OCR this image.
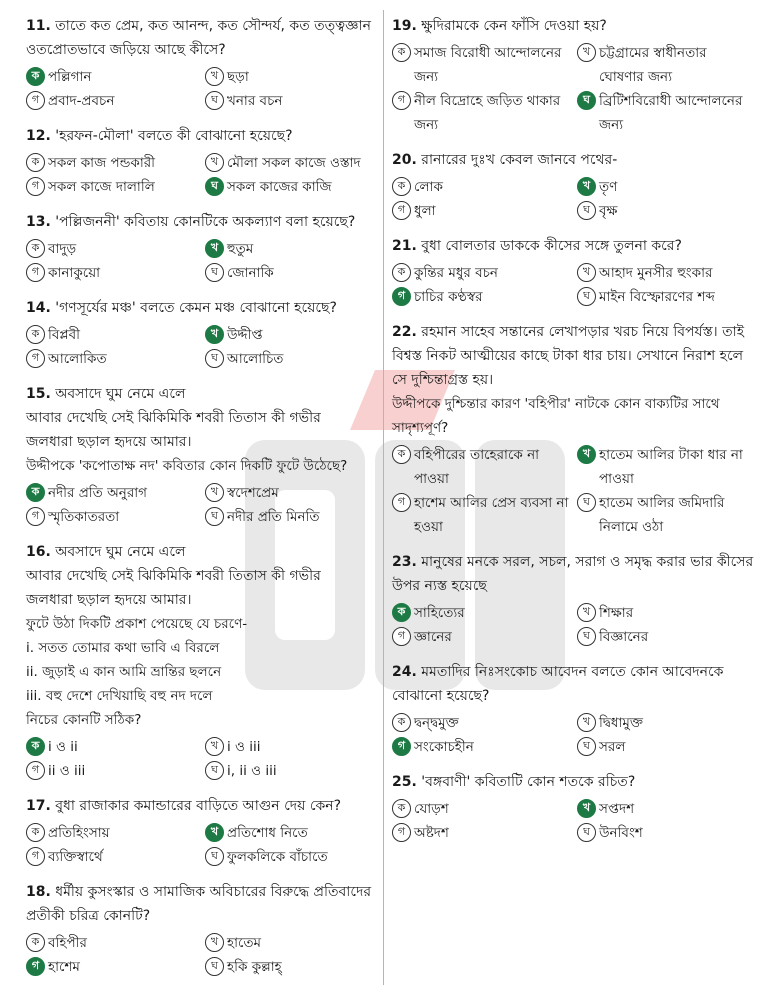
11. তাতে কত প্রেম, কত আনন্দ, কত সৌন্দর্য, কত তত্ত্বজ্ঞান ওতপ্রোতভাবে জড়িয়ে আছে কীসে?
ক পল্লিগান	খ ছড়া
গ প্রবাদ-প্রবচন	ঘ খনার বচন
12. 'হরফন-মৌলা' বলতে কী বোঝানো হয়েছে?
ক সকল কাজ পন্ডকারী	খ মৌলা সকল কাজে ওস্তাদ
গ সকল কাজে দালালি	ঘ সকল কাজের কাজি
13. 'পল্লিজননী' কবিতায় কোনটিকে অকল্যাণ বলা হয়েছে?
ক বাদুড়	খ হুতুম
গ কানাকুয়ো	ঘ জোনাকি
14. 'গণসূর্যের মঞ্চ' বলতে কেমন মঞ্চ বোঝানো হয়েছে?
ক বিপ্লবী	খ উদ্দীপ্ত
গ আলোকিত	ঘ আলোচিত
15. অবসাদে ঘুম নেমে এলে
আবার দেখেছি সেই ঝিকিমিকি শবরী তিতাস কী গভীর
জলধারা ছড়াল হৃদয়ে আমার।
উদ্দীপকে 'কপোতাক্ষ নদ' কবিতার কোন দিকটি ফুটে উঠেছে?
ক নদীর প্রতি অনুরাগ	খ স্বদেশপ্রেম
গ স্মৃতিকাতরতা	ঘ নদীর প্রতি মিনতি
16. অবসাদে ঘুম নেমে এলে
আবার দেখেছি সেই ঝিকিমিকি শবরী তিতাস কী গভীর
জলধারা ছড়াল হৃদয়ে আমার।
ফুটে উঠা দিকটি প্রকাশ পেয়েছে যে চরণে-
i. সতত তোমার কথা ভাবি এ বিরলে
ii. জুড়াই এ কান আমি ভ্রান্তির ছলনে
iii. বহু দেশে দেখিয়াছি বহু নদ দলে
নিচের কোনটি সঠিক?
ক i ও ii	খ i ও iii
গ ii ও iii	ঘ i, ii ও iii
17. বুধা রাজাকার কমান্ডারের বাড়িতে আগুন দেয় কেন?
ক প্রতিহিংসায়	খ প্রতিশোধ নিতে
গ ব্যক্তিস্বার্থে	ঘ ফুলকলিকে বাঁচাতে
18. ধর্মীয় কুসংস্কার ও সামাজিক অবিচারের বিরুদ্ধে প্রতিবাদের প্রতীকী চরিত্র কোনটি?
ক বহিপীর	খ হাতেম
গ হাশেম	ঘ হকি কুল্লাহ্‌
19. ক্ষুদিরামকে কেন ফাঁসি দেওয়া হয়?
ক সমাজ বিরোধী আন্দোলনের জন্য
খ চট্টগ্রামের স্বাধীনতার ঘোষণার জন্য
গ নীল বিদ্রোহে জড়িত থাকার জন্য
ঘ ব্রিটিশবিরোধী আন্দোলনের জন্য
20. রানারের দুঃখ কেবল জানবে পথের-
ক লোক	খ তৃণ
গ ধুলা	ঘ বৃক্ষ
21. বুধা বোলতার ডাককে কীসের সঙ্গে তুলনা করে?
ক কুন্তির মধুর বচন	খ আহাদ মুনসীর হুংকার
গ চাচির কণ্ঠস্বর	ঘ মাইন বিস্ফোরণের শব্দ
22. রহমান সাহেব সন্তানের লেখাপড়ার খরচ নিয়ে বিপর্যস্ত। তাই বিশ্বস্ত নিকট আত্মীয়ের কাছে টাকা ধার চায়। সেখানে নিরাশ হলে সে দুশ্চিন্তাগ্রস্ত হয়।
উদ্দীপকে দুশ্চিন্তার কারণ 'বহিপীর' নাটকে কোন বাক্যটির সাথে সাদৃশ্যপূর্ণ?
ক বহিপীরের তাহেরাকে না পাওয়া
খ হাতেম আলির টাকা ধার না পাওয়া
গ হাশেম আলির প্রেস ব্যবসা না হওয়া
ঘ হাতেম আলির জমিদারি নিলামে ওঠা
23. মানুষের মনকে সরল, সচল, সরাগ ও সমৃদ্ধ করার ভার কীসের উপর ন্যস্ত হয়েছে
ক সাহিত্যের	খ শিক্ষার
গ জ্ঞানের	ঘ বিজ্ঞানের
24. মমতাদির নিঃসংকোচ আবেদন বলতে কোন আবেদনকে বোঝানো হয়েছে?
ক দ্বন্দ্বমুক্ত	খ দ্বিধামুক্ত
গ সংকোচহীন	ঘ সরল
25. 'বঙ্গবাণী' কবিতাটি কোন শতকে রচিত?
ক যোড়শ	খ সপ্তদশ
গ অষ্টদশ	ঘ উনবিংশ
